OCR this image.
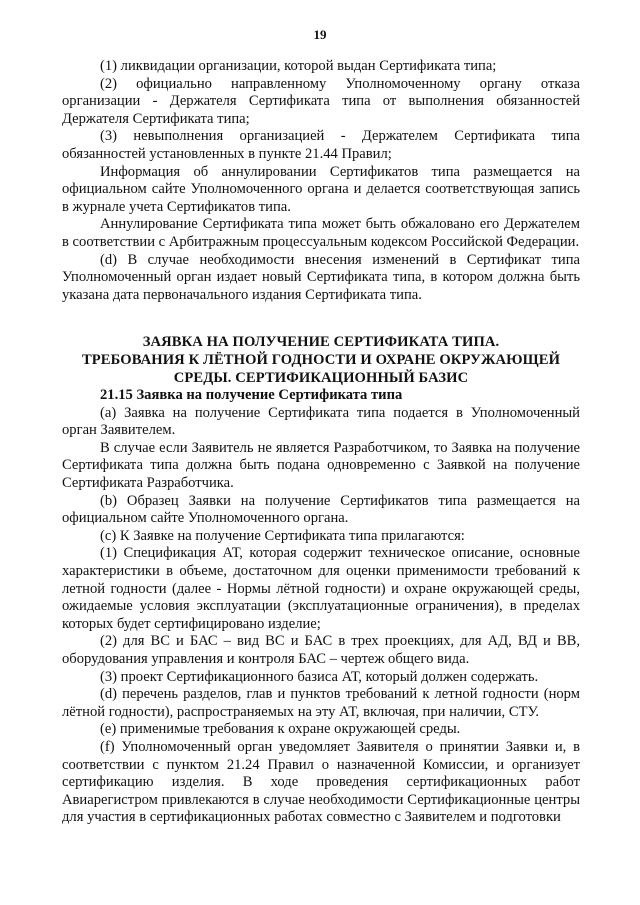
19

(1) ликвидации организации, которой выдан Сертификата типа;

(2) официально направленному Уполномоченному органу отказа организации - Держателя Сертификата типа от выполнения обязанностей Держателя Сертификата типа;

(3) невыполнения организацией - Держателем Сертификата типа обязанностей установленных в пункте 21.44 Правил;

Информация об аннулировании Сертификатов типа размещается на официальном сайте Уполномоченного органа и делается соответствующая запись в журнале учета Сертификатов типа.

Аннулирование Сертификата типа может быть обжаловано его Держателем в соответствии с Арбитражным процессуальным кодексом Российской Федерации.

(d) В случае необходимости внесения изменений в Сертификат типа Уполномоченный орган издает новый Сертификата типа, в котором должна быть указана дата первоначального издания Сертификата типа.

ЗАЯВКА НА ПОЛУЧЕНИЕ СЕРТИФИКАТА ТИПА.
ТРЕБОВАНИЯ К ЛЁТНОЙ ГОДНОСТИ И ОХРАНЕ ОКРУЖАЮЩЕЙ
СРЕДЫ. СЕРТИФИКАЦИОННЫЙ БАЗИС

21.15 Заявка на получение Сертификата типа

(a) Заявка на получение Сертификата типа подается в Уполномоченный орган Заявителем.

В случае если Заявитель не является Разработчиком, то Заявка на получение Сертификата типа должна быть подана одновременно с Заявкой на получение Сертификата Разработчика.

(b) Образец Заявки на получение Сертификатов типа размещается на официальном сайте Уполномоченного органа.

(c) К Заявке на получение Сертификата типа прилагаются:

(1) Спецификация АТ, которая содержит техническое описание, основные характеристики в объеме, достаточном для оценки применимости требований к летной годности (далее - Нормы лётной годности) и охране окружающей среды, ожидаемые условия эксплуатации (эксплуатационные ограничения), в пределах которых будет сертифицировано изделие;

(2) для ВС и БАС – вид ВС и БАС в трех проекциях, для АД, ВД и ВВ, оборудования управления и контроля БАС – чертеж общего вида.

(3) проект Сертификационного базиса АТ, который должен содержать.

(d) перечень разделов, глав и пунктов требований к летной годности (норм лётной годности), распространяемых на эту АТ, включая, при наличии, СТУ.

(e) применимые требования к охране окружающей среды.

(f) Уполномоченный орган уведомляет Заявителя о принятии Заявки и, в соответствии с пунктом 21.24 Правил о назначенной Комиссии, и организует сертификацию изделия. В ходе проведения сертификационных работ Авиарегистром привлекаются в случае необходимости Сертификационные центры для участия в сертификационных работах совместно с Заявителем и подготовки
